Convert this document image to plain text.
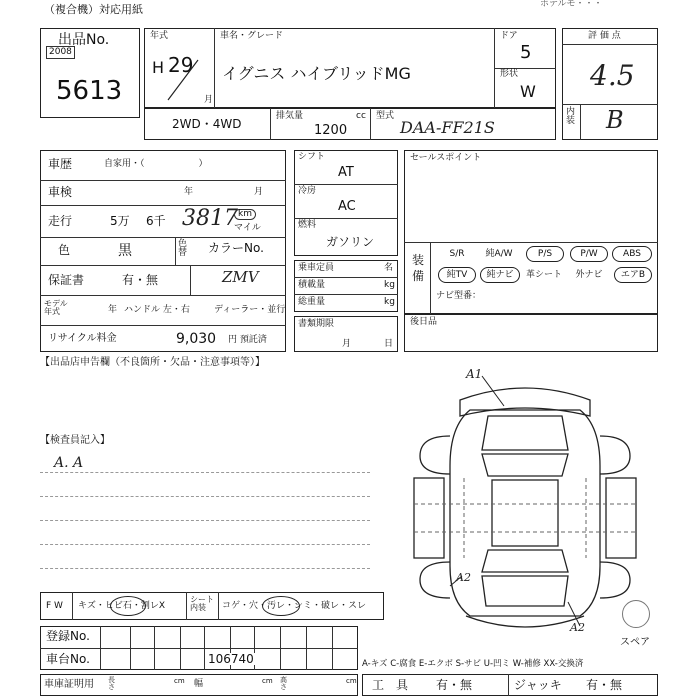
（複合機）対応用紙	ホテルモ・・・
出品No.
2008
5613
年式
H 29
月
車名・グレード
イグニス ハイブリッドMG
ドア
5
形状
W
2WD・4WD
排気量	cc
1200
型式
DAA-FF21S
評 価 点
4.5
内装 B
車歴	自家用・（　　　　　　）
車検	年	月
走行	5万 6千 3817 km
マイル
色	黒	色替 カラーNo.
保証書	有・無	ZMV
モデル年式	年 ハンドル 左・右	ディーラー・並行
リサイクル料金	9,030 円 預託済
シフト
AT
冷房
AC
燃料
ガソリン
乗車定員	名
積載量	kg
総重量	kg
書類期限
月	日
セールスポイント
装備
S/R	純A/W	P/S	P/W	ABS
純TV	純ナビ	革シート	外ナビ	エアB
ナビ型番：
後日品
【出品店申告欄（不良箇所・欠品・注意事項等）】
【検査員記入】
A. A
F W キズ・ヒビ石・割レX
シート内装	コゲ・穴・汚レ・シミ・破レ・スレ
登録No.
車台No.	106740
車庫証明用 長さ
cm 幅	cm 高さ
cm
A1
A2
A2
スペア
A-キズ C-腐食 E-エクボ S-サビ U-凹ミ W-補修 XX-交換済
工　具 有・無	ジャッキ 有・無
